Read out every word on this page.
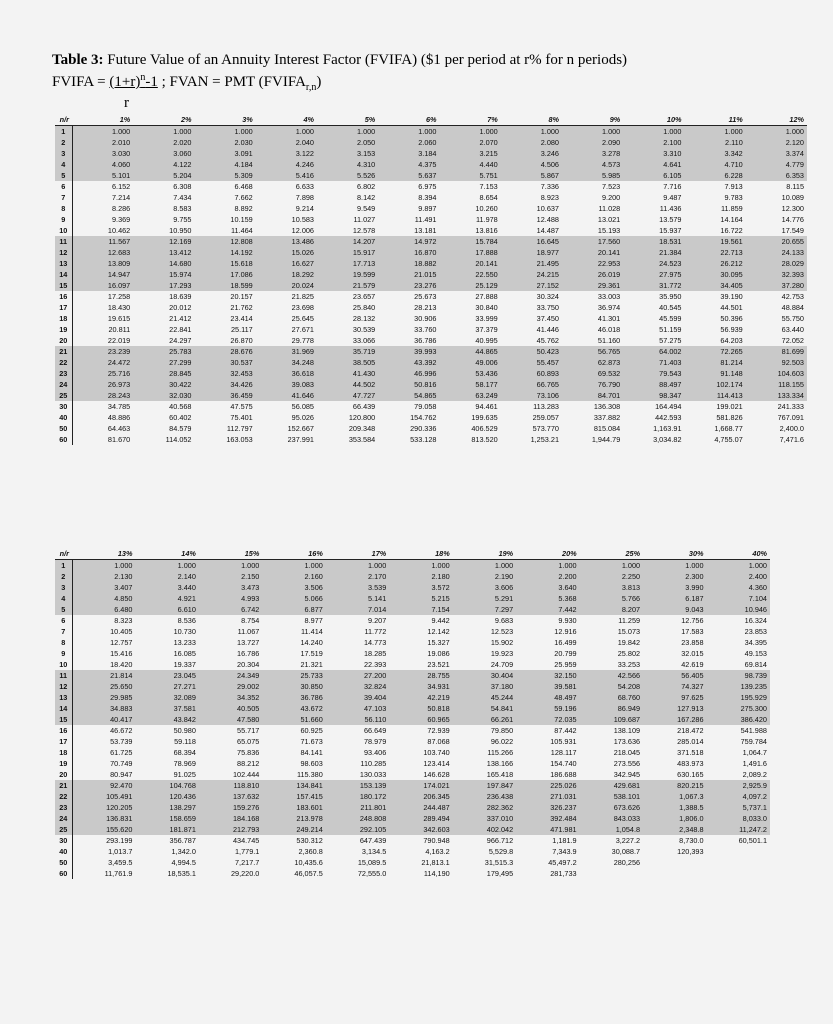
Table 3: Future Value of an Annuity Interest Factor (FVIFA) ($1 per period at r% for n periods)
FVIFA = $(1+r)^n-1$ ; FVAN = PMT $(FVIFA_{r,n})$
r
n/r	1%	2%	3%	4%	5%	6%	7%	8%	9%	10%	11%	12%
1	1.000	1.000	1.000	1.000	1.000	1.000	1.000	1.000	1.000	1.000	1.000	1.000
2	2.010	2.020	2.030	2.040	2.050	2.060	2.070	2.080	2.090	2.100	2.110	2.120
3	3.030	3.060	3.091	3.122	3.153	3.184	3.215	3.246	3.278	3.310	3.342	3.374
4	4.060	4.122	4.184	4.246	4.310	4.375	4.440	4.506	4.573	4.641	4.710	4.779
5	5.101	5.204	5.309	5.416	5.526	5.637	5.751	5.867	5.985	6.105	6.228	6.353
6	6.152	6.308	6.468	6.633	6.802	6.975	7.153	7.336	7.523	7.716	7.913	8.115
7	7.214	7.434	7.662	7.898	8.142	8.394	8.654	8.923	9.200	9.487	9.783	10.089
8	8.286	8.583	8.892	9.214	9.549	9.897	10.260	10.637	11.028	11.436	11.859	12.300
9	9.369	9.755	10.159	10.583	11.027	11.491	11.978	12.488	13.021	13.579	14.164	14.776
10	10.462	10.950	11.464	12.006	12.578	13.181	13.816	14.487	15.193	15.937	16.722	17.549
11	11.567	12.169	12.808	13.486	14.207	14.972	15.784	16.645	17.560	18.531	19.561	20.655
12	12.683	13.412	14.192	15.026	15.917	16.870	17.888	18.977	20.141	21.384	22.713	24.133
13	13.809	14.680	15.618	16.627	17.713	18.882	20.141	21.495	22.953	24.523	26.212	28.029
14	14.947	15.974	17.086	18.292	19.599	21.015	22.550	24.215	26.019	27.975	30.095	32.393
15	16.097	17.293	18.599	20.024	21.579	23.276	25.129	27.152	29.361	31.772	34.405	37.280
16	17.258	18.639	20.157	21.825	23.657	25.673	27.888	30.324	33.003	35.950	39.190	42.753
17	18.430	20.012	21.762	23.698	25.840	28.213	30.840	33.750	36.974	40.545	44.501	48.884
18	19.615	21.412	23.414	25.645	28.132	30.906	33.999	37.450	41.301	45.599	50.396	55.750
19	20.811	22.841	25.117	27.671	30.539	33.760	37.379	41.446	46.018	51.159	56.939	63.440
20	22.019	24.297	26.870	29.778	33.066	36.786	40.995	45.762	51.160	57.275	64.203	72.052
21	23.239	25.783	28.676	31.969	35.719	39.993	44.865	50.423	56.765	64.002	72.265	81.699
22	24.472	27.299	30.537	34.248	38.505	43.392	49.006	55.457	62.873	71.403	81.214	92.503
23	25.716	28.845	32.453	36.618	41.430	46.996	53.436	60.893	69.532	79.543	91.148	104.603
24	26.973	30.422	34.426	39.083	44.502	50.816	58.177	66.765	76.790	88.497	102.174	118.155
25	28.243	32.030	36.459	41.646	47.727	54.865	63.249	73.106	84.701	98.347	114.413	133.334
30	34.785	40.568	47.575	56.085	66.439	79.058	94.461	113.283	136.308	164.494	199.021	241.333
40	48.886	60.402	75.401	95.026	120.800	154.762	199.635	259.057	337.882	442.593	581.826	767.091
50	64.463	84.579	112.797	152.667	209.348	290.336	406.529	573.770	815.084	1,163.91	1,668.77	2,400.0
60	81.670	114.052	163.053	237.991	353.584	533.128	813.520	1,253.21	1,944.79	3,034.82	4,755.07	7,471.6
n/r	13%	14%	15%	16%	17%	18%	19%	20%	25%	30%	40%
1	1.000	1.000	1.000	1.000	1.000	1.000	1.000	1.000	1.000	1.000	1.000
2	2.130	2.140	2.150	2.160	2.170	2.180	2.190	2.200	2.250	2.300	2.400
3	3.407	3.440	3.473	3.506	3.539	3.572	3.606	3.640	3.813	3.990	4.360
4	4.850	4.921	4.993	5.066	5.141	5.215	5.291	5.368	5.766	6.187	7.104
5	6.480	6.610	6.742	6.877	7.014	7.154	7.297	7.442	8.207	9.043	10.946
6	8.323	8.536	8.754	8.977	9.207	9.442	9.683	9.930	11.259	12.756	16.324
7	10.405	10.730	11.067	11.414	11.772	12.142	12.523	12.916	15.073	17.583	23.853
8	12.757	13.233	13.727	14.240	14.773	15.327	15.902	16.499	19.842	23.858	34.395
9	15.416	16.085	16.786	17.519	18.285	19.086	19.923	20.799	25.802	32.015	49.153
10	18.420	19.337	20.304	21.321	22.393	23.521	24.709	25.959	33.253	42.619	69.814
11	21.814	23.045	24.349	25.733	27.200	28.755	30.404	32.150	42.566	56.405	98.739
12	25.650	27.271	29.002	30.850	32.824	34.931	37.180	39.581	54.208	74.327	139.235
13	29.985	32.089	34.352	36.786	39.404	42.219	45.244	48.497	68.760	97.625	195.929
14	34.883	37.581	40.505	43.672	47.103	50.818	54.841	59.196	86.949	127.913	275.300
15	40.417	43.842	47.580	51.660	56.110	60.965	66.261	72.035	109.687	167.286	386.420
16	46.672	50.980	55.717	60.925	66.649	72.939	79.850	87.442	138.109	218.472	541.988
17	53.739	59.118	65.075	71.673	78.979	87.068	96.022	105.931	173.636	285.014	759.784
18	61.725	68.394	75.836	84.141	93.406	103.740	115.266	128.117	218.045	371.518	1,064.7
19	70.749	78.969	88.212	98.603	110.285	123.414	138.166	154.740	273.556	483.973	1,491.6
20	80.947	91.025	102.444	115.380	130.033	146.628	165.418	186.688	342.945	630.165	2,089.2
21	92.470	104.768	118.810	134.841	153.139	174.021	197.847	225.026	429.681	820.215	2,925.9
22	105.491	120.436	137.632	157.415	180.172	206.345	236.438	271.031	538.101	1,067.3	4,097.2
23	120.205	138.297	159.276	183.601	211.801	244.487	282.362	326.237	673.626	1,388.5	5,737.1
24	136.831	158.659	184.168	213.978	248.808	289.494	337.010	392.484	843.033	1,806.0	8,033.0
25	155.620	181.871	212.793	249.214	292.105	342.603	402.042	471.981	1,054.8	2,348.8	11,247.2
30	293.199	356.787	434.745	530.312	647.439	790.948	966.712	1,181.9	3,227.2	8,730.0	60,501.1
40	1,013.7	1,342.0	1,779.1	2,360.8	3,134.5	4,163.2	5,529.8	7,343.9	30,088.7	120,393	
50	3,459.5	4,994.5	7,217.7	10,435.6	15,089.5	21,813.1	31,515.3	45,497.2	280,256		
60	11,761.9	18,535.1	29,220.0	46,057.5	72,555.0	114,190	179,495	281,733			
